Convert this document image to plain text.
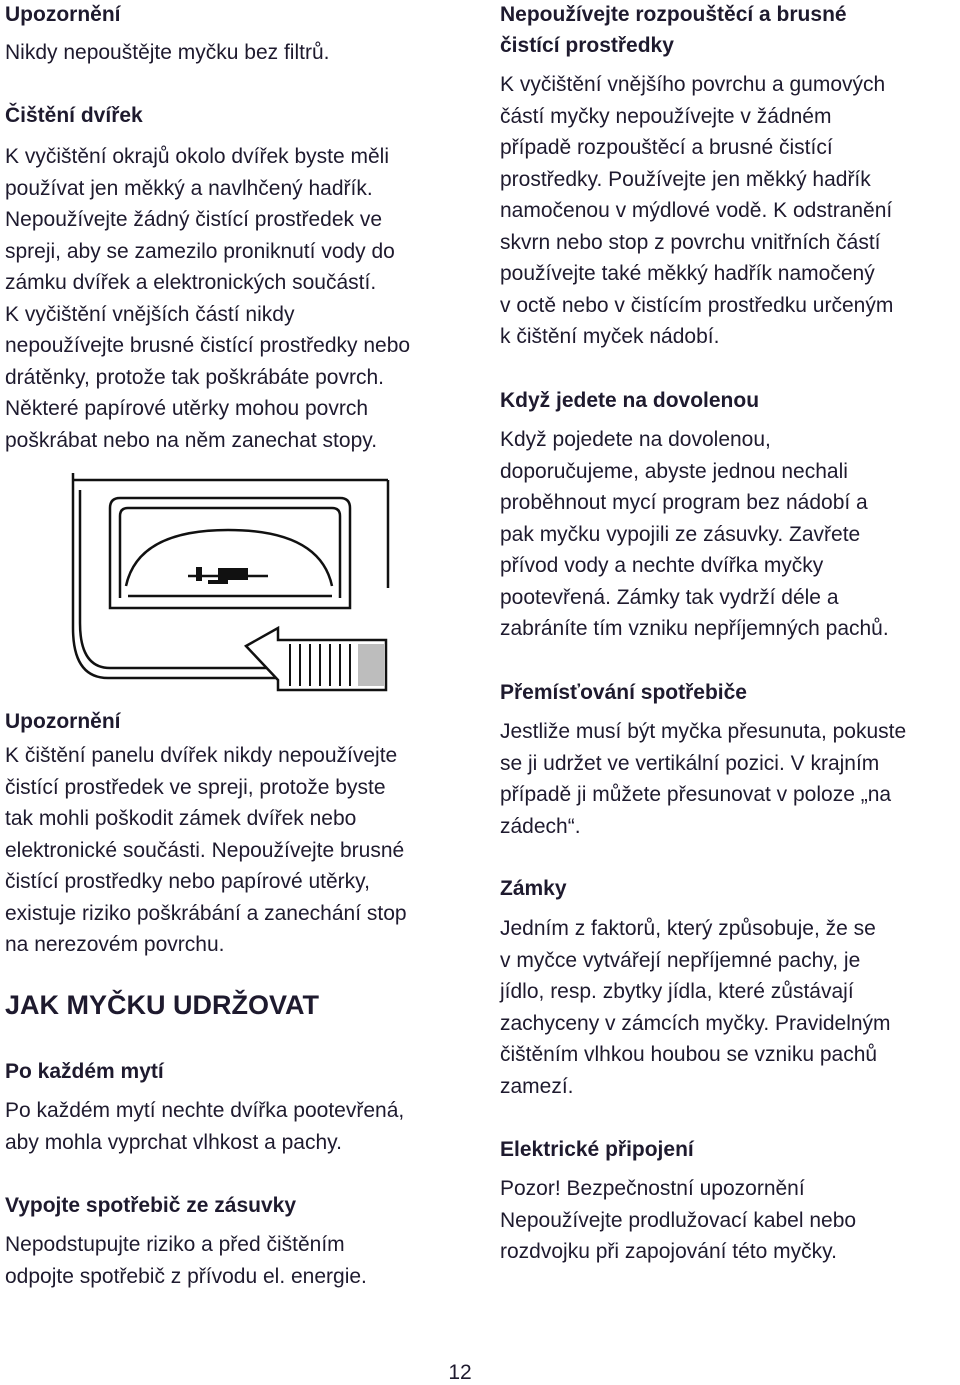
Upozornění

Nikdy nepouštějte myčku bez filtrů.

Čištění dvířek

K vyčištění okrajů okolo dvířek byste měli

používat jen měkký a navlhčený hadřík.

Nepoužívejte žádný čistící prostředek ve

spreji, aby se zamezilo proniknutí vody do

zámku dvířek a elektronických součástí.

K vyčištění vnějších částí nikdy

nepoužívejte brusné čistící prostředky nebo

drátěnky, protože tak poškrábáte povrch.

Některé papírové utěrky mohou povrch

poškrábat nebo na něm zanechat stopy.

Upozornění

K čištění panelu dvířek nikdy nepoužívejte

čistící prostředek ve spreji, protože byste

tak mohli poškodit zámek dvířek nebo

elektronické součásti. Nepoužívejte brusné

čistící prostředky nebo papírové utěrky,

existuje riziko poškrábání a zanechání stop

na nerezovém povrchu.

JAK MYČKU UDRŽOVAT

Po každém mytí

Po každém mytí nechte dvířka pootevřená,

aby mohla vyprchat vlhkost a pachy.

Vypojte spotřebič ze zásuvky

Nepodstupujte riziko a před čištěním

odpojte spotřebič z přívodu el. energie.

Nepoužívejte rozpouštěcí a brusné

čistící prostředky

K vyčištění vnějšího povrchu a gumových

částí myčky nepoužívejte v žádném

případě rozpouštěcí a brusné čistící

prostředky. Používejte jen měkký hadřík

namočenou v mýdlové vodě. K odstranění

skvrn nebo stop z povrchu vnitřních částí

používejte také měkký hadřík namočený

v octě nebo v čistícím prostředku určeným

k čištění myček nádobí.

Když jedete na dovolenou

Když pojedete na dovolenou,

doporučujeme, abyste jednou nechali

proběhnout mycí program bez nádobí a

pak myčku vypojili ze zásuvky. Zavřete

přívod vody a nechte dvířka myčky

pootevřená. Zámky tak vydrží déle a

zabráníte tím vzniku nepříjemných pachů.

Přemísťování spotřebiče

Jestliže musí být myčka přesunuta, pokuste

se ji udržet ve vertikální pozici. V krajním

případě ji můžete přesunovat v poloze „na

zádech“.

Zámky

Jedním z faktorů, který způsobuje, že se

v myčce vytvářejí nepříjemné pachy, je

jídlo, resp. zbytky jídla, které zůstávají

zachyceny v zámcích myčky. Pravidelným

čištěním vlhkou houbou se vzniku pachů

zamezí.

Elektrické připojení

Pozor! Bezpečnostní upozornění

Nepoužívejte prodlužovací kabel nebo

rozdvojku při zapojování této myčky.

12
